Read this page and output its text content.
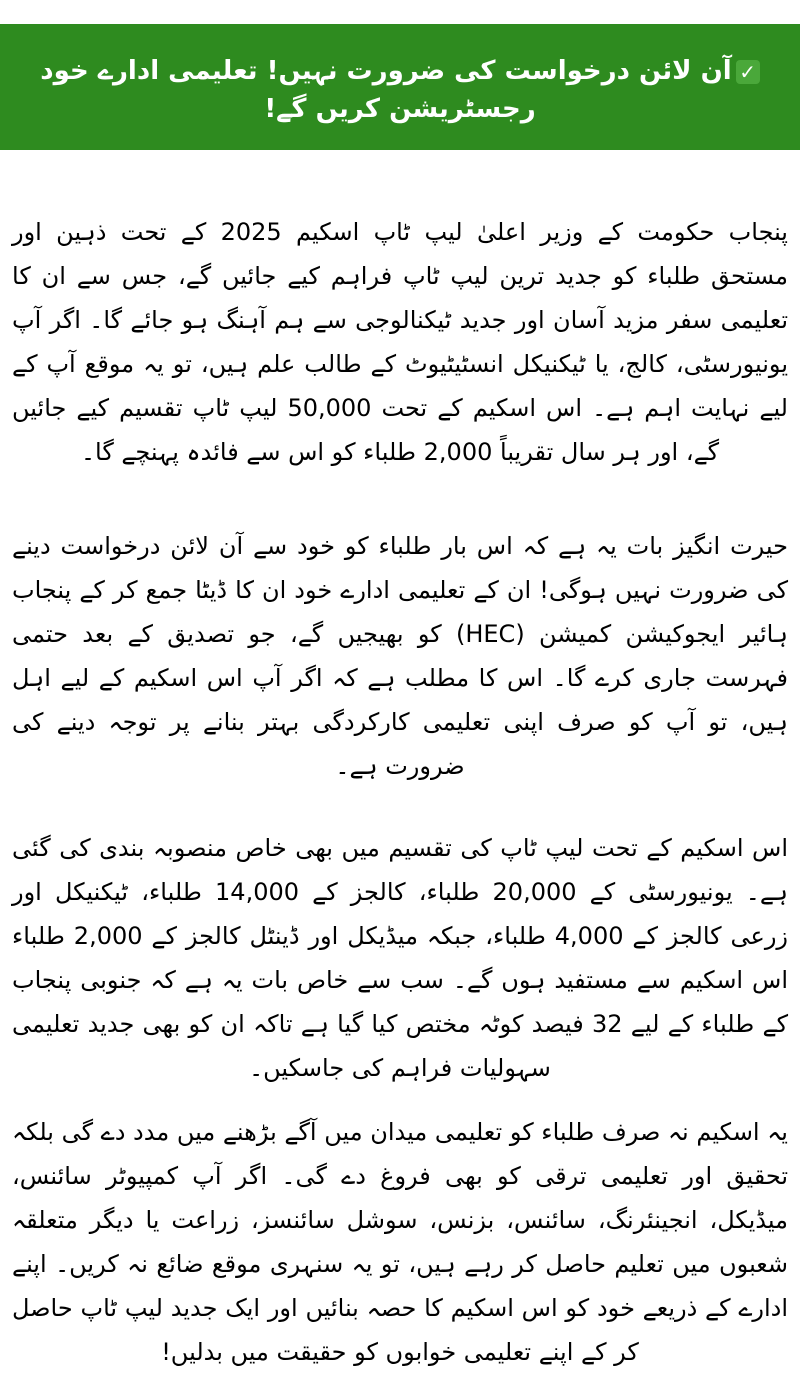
✓آن لائن درخواست کی ضرورت نہیں! تعلیمی ادارے خود رجسٹریشن کریں گے!

پنجاب حکومت کے وزیر اعلیٰ لیپ ٹاپ اسکیم 2025 کے تحت ذہین اور مستحق طلباء کو جدید ترین لیپ ٹاپ فراہم کیے جائیں گے، جس سے ان کا تعلیمی سفر مزید آسان اور جدید ٹیکنالوجی سے ہم آہنگ ہو جائے گا۔ اگر آپ یونیورسٹی، کالج، یا ٹیکنیکل انسٹیٹیوٹ کے طالب علم ہیں، تو یہ موقع آپ کے لیے نہایت اہم ہے۔ اس اسکیم کے تحت 50,000 لیپ ٹاپ تقسیم کیے جائیں گے، اور ہر سال تقریباً 2,000 طلباء کو اس سے فائدہ پہنچے گا۔

حیرت انگیز بات یہ ہے کہ اس بار طلباء کو خود سے آن لائن درخواست دینے کی ضرورت نہیں ہوگی! ان کے تعلیمی ادارے خود ان کا ڈیٹا جمع کر کے پنجاب ہائیر ایجوکیشن کمیشن (HEC) کو بھیجیں گے، جو تصدیق کے بعد حتمی فہرست جاری کرے گا۔ اس کا مطلب ہے کہ اگر آپ اس اسکیم کے لیے اہل ہیں، تو آپ کو صرف اپنی تعلیمی کارکردگی بہتر بنانے پر توجہ دینے کی ضرورت ہے۔

اس اسکیم کے تحت لیپ ٹاپ کی تقسیم میں بھی خاص منصوبہ بندی کی گئی ہے۔ یونیورسٹی کے 20,000 طلباء، کالجز کے 14,000 طلباء، ٹیکنیکل اور زرعی کالجز کے 4,000 طلباء، جبکہ میڈیکل اور ڈینٹل کالجز کے 2,000 طلباء اس اسکیم سے مستفید ہوں گے۔ سب سے خاص بات یہ ہے کہ جنوبی پنجاب کے طلباء کے لیے 32 فیصد کوٹہ مختص کیا گیا ہے تاکہ ان کو بھی جدید تعلیمی سہولیات فراہم کی جاسکیں۔

یہ اسکیم نہ صرف طلباء کو تعلیمی میدان میں آگے بڑھنے میں مدد دے گی بلکہ تحقیق اور تعلیمی ترقی کو بھی فروغ دے گی۔ اگر آپ کمپیوٹر سائنس، میڈیکل، انجینئرنگ، سائنس، بزنس، سوشل سائنسز، زراعت یا دیگر متعلقہ شعبوں میں تعلیم حاصل کر رہے ہیں، تو یہ سنہری موقع ضائع نہ کریں۔ اپنے ادارے کے ذریعے خود کو اس اسکیم کا حصہ بنائیں اور ایک جدید لیپ ٹاپ حاصل کر کے اپنے تعلیمی خوابوں کو حقیقت میں بدلیں!
